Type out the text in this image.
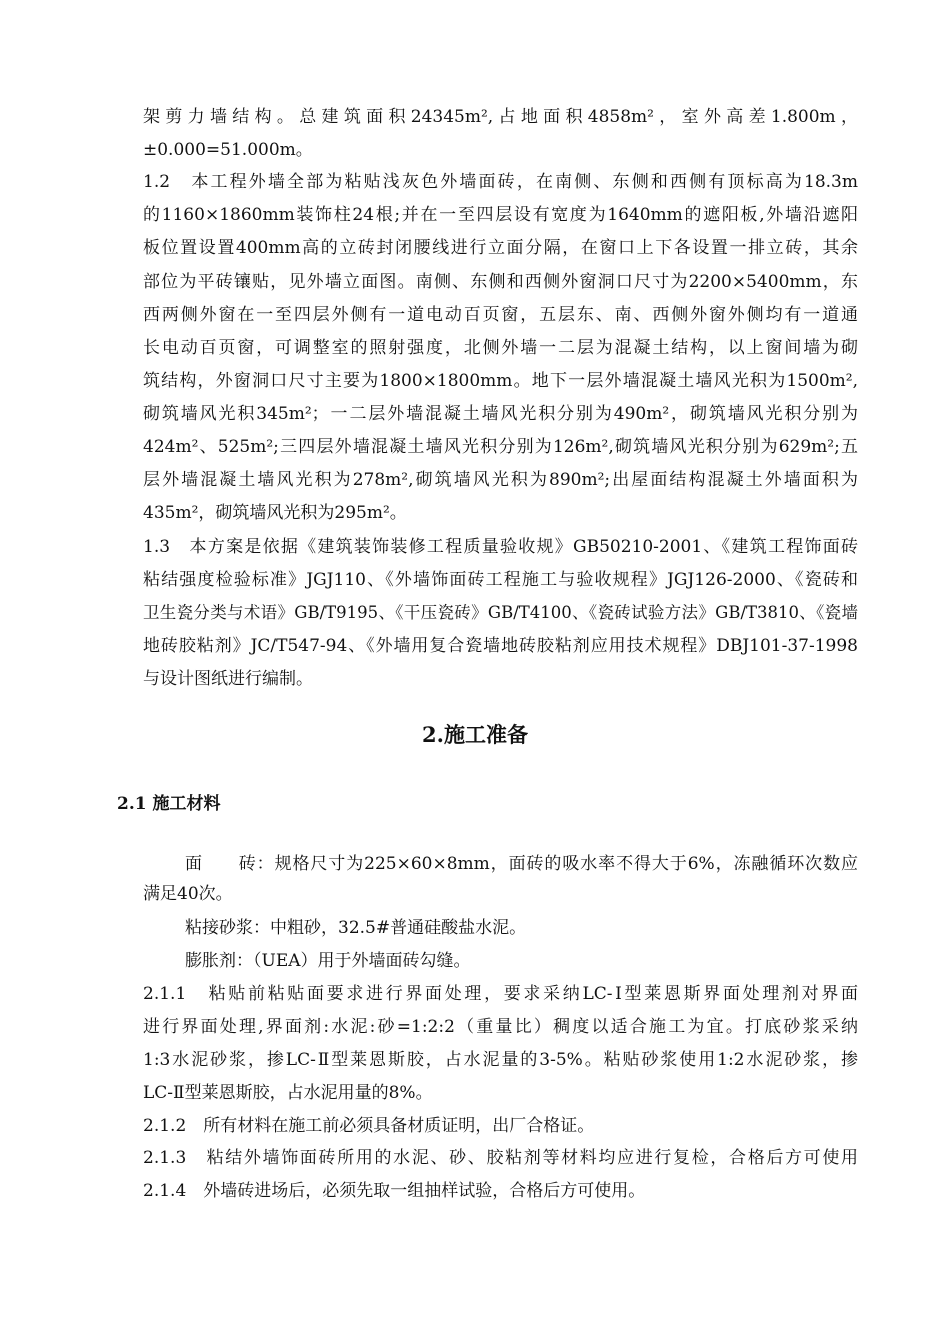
架剪力墙结构。总建筑面积24345m²,占地面积4858m²，室外高差1.800m，
±0.000=51.000m。
1.2　本工程外墙全部为粘贴浅灰色外墙面砖，在南侧、东侧和西侧有顶标高为18.3m
的1160×1860mm装饰柱24根;并在一至四层设有宽度为1640mm的遮阳板,外墙沿遮阳
板位置设置400mm高的立砖封闭腰线进行立面分隔，在窗口上下各设置一排立砖，其余
部位为平砖镶贴，见外墙立面图。南侧、东侧和西侧外窗洞口尺寸为2200×5400mm，东
西两侧外窗在一至四层外侧有一道电动百页窗，五层东、南、西侧外窗外侧均有一道通
长电动百页窗，可调整室的照射强度，北侧外墙一二层为混凝土结构，以上窗间墙为砌
筑结构，外窗洞口尺寸主要为1800×1800mm。地下一层外墙混凝土墙风光积为1500m²,
砌筑墙风光积345m²；一二层外墙混凝土墙风光积分别为490m²，砌筑墙风光积分别为
424m²、525m²;三四层外墙混凝土墙风光积分别为126m²,砌筑墙风光积分别为629m²;五
层外墙混凝土墙风光积为278m²,砌筑墙风光积为890m²;出屋面结构混凝土外墙面积为
435m²，砌筑墙风光积为295m²。
1.3　本方案是依据《建筑装饰装修工程质量验收规》GB50210-2001、《建筑工程饰面砖
粘结强度检验标准》JGJ110、《外墙饰面砖工程施工与验收规程》JGJ126-2000、《瓷砖和
卫生瓷分类与术语》GB/T9195、《干压瓷砖》GB/T4100、《瓷砖试验方法》GB/T3810、《瓷墙
地砖胶粘剂》JC/T547-94、《外墙用复合瓷墙地砖胶粘剂应用技术规程》DBJ101-37-1998
与设计图纸进行编制。
2.施工准备
2.1 施工材料
面　　砖：规格尺寸为225×60×8mm，面砖的吸水率不得大于6%，冻融循环次数应
满足40次。
粘接砂浆：中粗砂，32.5#普通硅酸盐水泥。
膨胀剂：（UEA）用于外墙面砖勾缝。
2.1.1　粘贴前粘贴面要求进行界面处理，要求采纳LC-Ⅰ型莱恩斯界面处理剂对界面
进行界面处理,界面剂:水泥:砂=1:2:2（重量比）稠度以适合施工为宜。打底砂浆采纳
1:3水泥砂浆，掺LC-Ⅱ型莱恩斯胶，占水泥量的3-5%。粘贴砂浆使用1:2水泥砂浆，掺
LC-Ⅱ型莱恩斯胶，占水泥用量的8%。
2.1.2　所有材料在施工前必须具备材质证明，出厂合格证。
2.1.3　粘结外墙饰面砖所用的水泥、砂、胶粘剂等材料均应进行复检，合格后方可使用
2.1.4　外墙砖进场后，必须先取一组抽样试验，合格后方可使用。
